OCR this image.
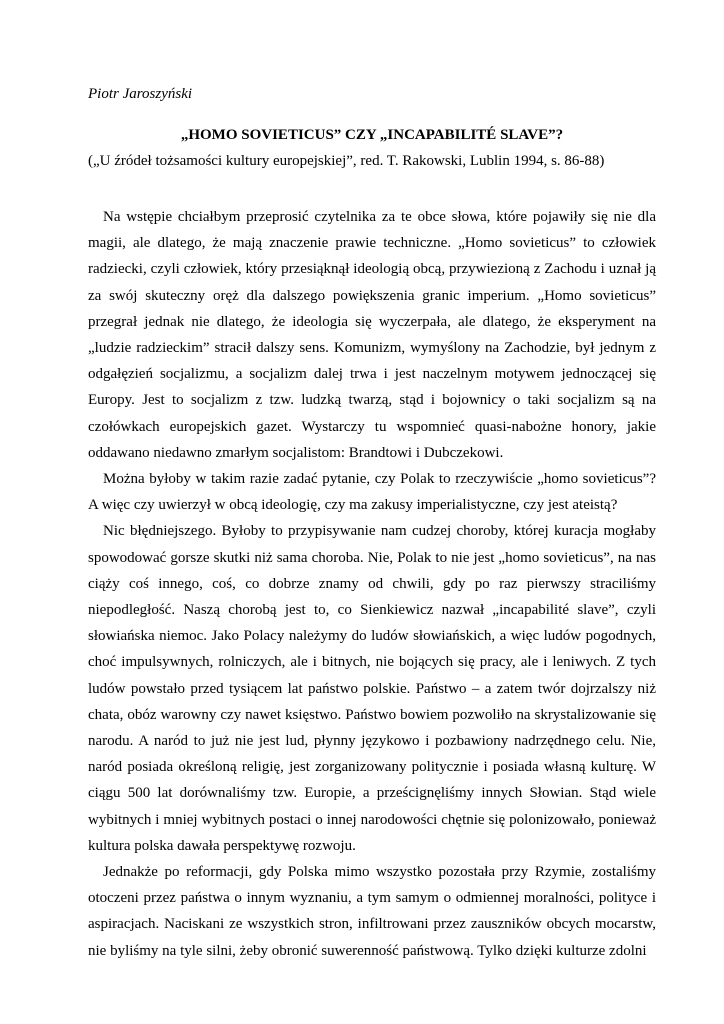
Piotr Jaroszyński

„HOMO SOVIETICUS” CZY „INCAPABILITÉ SLAVE”?

(„U źródeł tożsamości kultury europejskiej”, red. T. Rakowski, Lublin 1994, s. 86-88)

Na wstępie chciałbym przeprosić czytelnika za te obce słowa, które pojawiły się nie dla magii, ale dlatego, że mają znaczenie prawie techniczne. „Homo sovieticus” to człowiek radziecki, czyli człowiek, który przesiąknął ideologią obcą, przywiezioną z Zachodu i uznał ją za swój skuteczny oręż dla dalszego powiększenia granic imperium. „Homo sovieticus” przegrał jednak nie dlatego, że ideologia się wyczerpała, ale dlatego, że eksperyment na „ludzie radzieckim” stracił dalszy sens. Komunizm, wymyślony na Zachodzie, był jednym z odgałęzień socjalizmu, a socjalizm dalej trwa i jest naczelnym motywem jednoczącej się Europy. Jest to socjalizm z tzw. ludzką twarzą, stąd i bojownicy o taki socjalizm są na czołówkach europejskich gazet. Wystarczy tu wspomnieć quasi-nabożne honory, jakie oddawano niedawno zmarłym socjalistom: Brandtowi i Dubczekowi.

Można byłoby w takim razie zadać pytanie, czy Polak to rzeczywiście „homo sovieticus”? A więc czy uwierzył w obcą ideologię, czy ma zakusy imperialistyczne, czy jest ateistą?

Nic błędniejszego. Byłoby to przypisywanie nam cudzej choroby, której kuracja mogłaby spowodować gorsze skutki niż sama choroba. Nie, Polak to nie jest „homo sovieticus”, na nas ciąży coś innego, coś, co dobrze znamy od chwili, gdy po raz pierwszy straciliśmy niepodległość. Naszą chorobą jest to, co Sienkiewicz nazwał „incapabilité slave”, czyli słowiańska niemoc. Jako Polacy należymy do ludów słowiańskich, a więc ludów pogodnych, choć impulsywnych, rolniczych, ale i bitnych, nie bojących się pracy, ale i leniwych. Z tych ludów powstało przed tysiącem lat państwo polskie. Państwo – a zatem twór dojrzalszy niż chata, obóz warowny czy nawet księstwo. Państwo bowiem pozwoliło na skrystalizowanie się narodu. A naród to już nie jest lud, płynny językowo i pozbawiony nadrzędnego celu. Nie, naród posiada określoną religię, jest zorganizowany politycznie i posiada własną kulturę. W ciągu 500 lat dorównaliśmy tzw. Europie, a prześcignęliśmy innych Słowian. Stąd wiele wybitnych i mniej wybitnych postaci o innej narodowości chętnie się polonizowało, ponieważ kultura polska dawała perspektywę rozwoju.

Jednakże po reformacji, gdy Polska mimo wszystko pozostała przy Rzymie, zostaliśmy otoczeni przez państwa o innym wyznaniu, a tym samym o odmiennej moralności, polityce i aspiracjach. Naciskani ze wszystkich stron, infiltrowani przez zauszników obcych mocarstw, nie byliśmy na tyle silni, żeby obronić suwerenność państwową. Tylko dzięki kulturze zdolni
